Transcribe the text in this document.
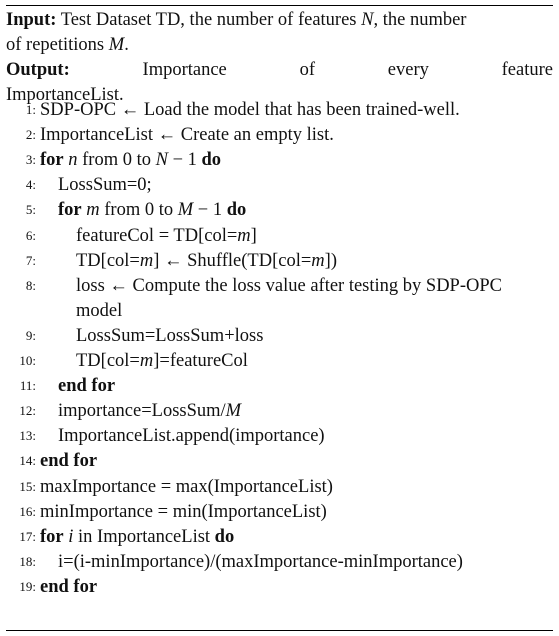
Input: Test Dataset TD, the number of features N, the number
of repetitions M.
Output:	Importance	of	every	feature
ImportanceList.
1: SDP-OPC ← Load the model that has been trained-well.
2: ImportanceList ← Create an empty list.
3: for n from 0 to N − 1 do
4: LossSum=0;
5: for m from 0 to M − 1 do
6: featureCol = TD[col=m]
7: TD[col=m] ← Shuffle(TD[col=m])
8: loss ← Compute the loss value after testing by SDP-OPC
model
9: LossSum=LossSum+loss
10: TD[col=m]=featureCol
11: end for
12: importance=LossSum/M
13: ImportanceList.append(importance)
14: end for
15: maxImportance = max(ImportanceList)
16: minImportance = min(ImportanceList)
17: for i in ImportanceList do
18: i=(i-minImportance)/(maxImportance-minImportance)
19: end for
